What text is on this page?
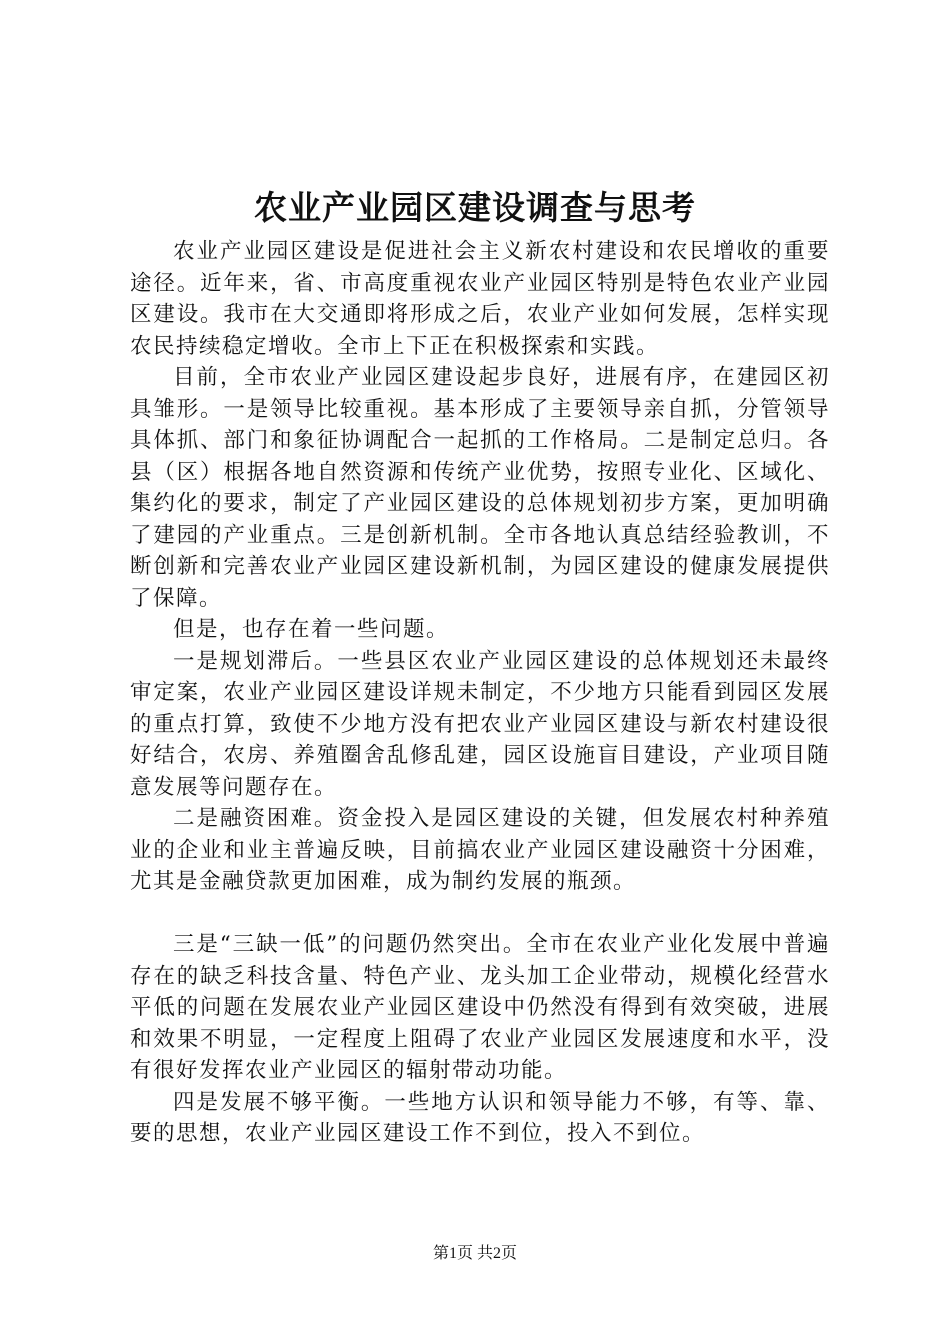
农业产业园区建设调查与思考

农业产业园区建设是促进社会主义新农村建设和农民增收的重要途径。近年来，省、市高度重视农业产业园区特别是特色农业产业园区建设。我市在大交通即将形成之后，农业产业如何发展，怎样实现农民持续稳定增收。全市上下正在积极探索和实践。

目前，全市农业产业园区建设起步良好，进展有序，在建园区初具雏形。一是领导比较重视。基本形成了主要领导亲自抓，分管领导具体抓、部门和象征协调配合一起抓的工作格局。二是制定总归。各县（区）根据各地自然资源和传统产业优势，按照专业化、区域化、集约化的要求，制定了产业园区建设的总体规划初步方案，更加明确了建园的产业重点。三是创新机制。全市各地认真总结经验教训，不断创新和完善农业产业园区建设新机制，为园区建设的健康发展提供了保障。

但是，也存在着一些问题。

一是规划滞后。一些县区农业产业园区建设的总体规划还未最终审定案，农业产业园区建设详规未制定，不少地方只能看到园区发展的重点打算，致使不少地方没有把农业产业园区建设与新农村建设很好结合，农房、养殖圈舍乱修乱建，园区设施盲目建设，产业项目随意发展等问题存在。

二是融资困难。资金投入是园区建设的关键，但发展农村种养殖业的企业和业主普遍反映，目前搞农业产业园区建设融资十分困难，尤其是金融贷款更加困难，成为制约发展的瓶颈。

三是“三缺一低”的问题仍然突出。全市在农业产业化发展中普遍存在的缺乏科技含量、特色产业、龙头加工企业带动，规模化经营水平低的问题在发展农业产业园区建设中仍然没有得到有效突破，进展和效果不明显，一定程度上阻碍了农业产业园区发展速度和水平，没有很好发挥农业产业园区的辐射带动功能。

四是发展不够平衡。一些地方认识和领导能力不够，有等、靠、要的思想，农业产业园区建设工作不到位，投入不到位。

第1页 共2页
